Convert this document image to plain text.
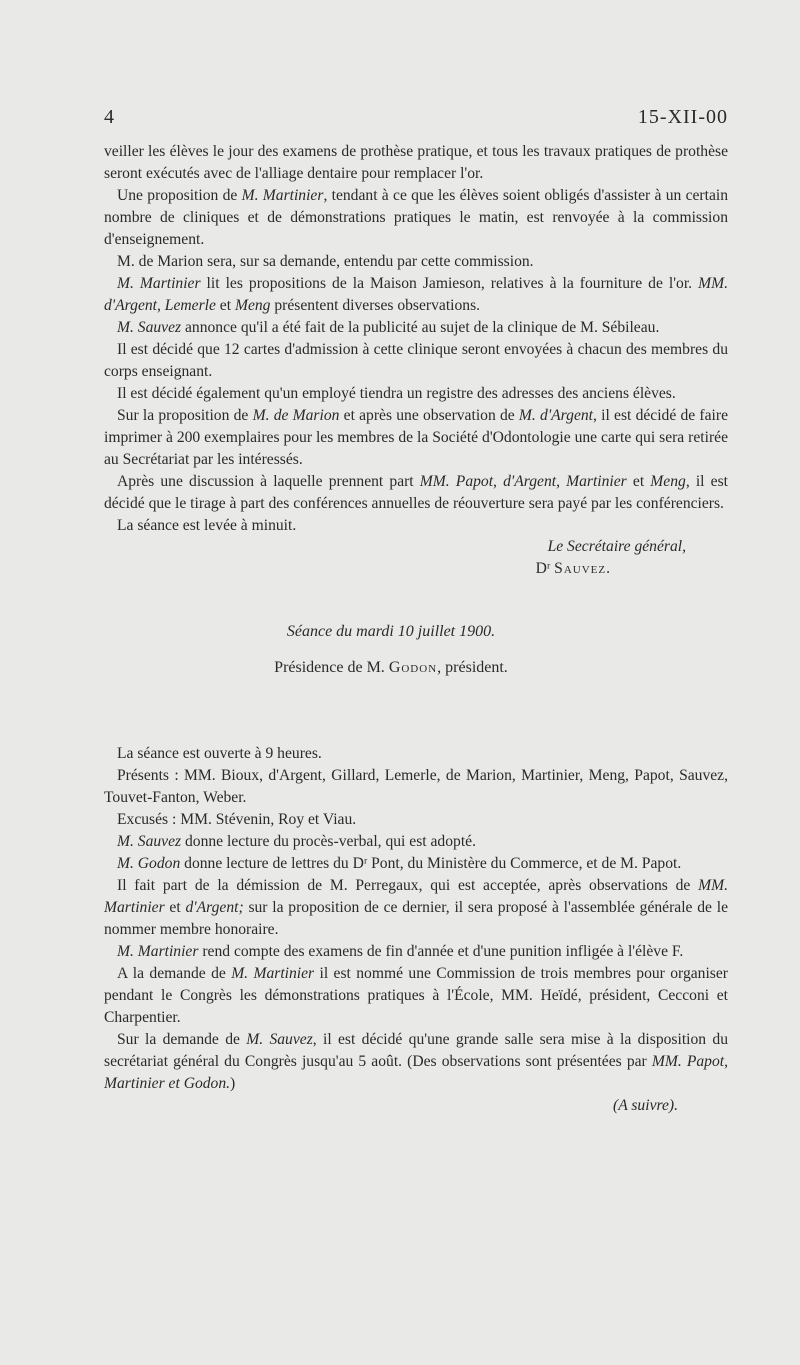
4	15-XII-00

veiller les élèves le jour des examens de prothèse pratique, et tous les travaux pratiques de prothèse seront exécutés avec de l'alliage dentaire pour remplacer l'or.

Une proposition de M. Martinier, tendant à ce que les élèves soient obligés d'assister à un certain nombre de cliniques et de démonstrations pratiques le matin, est renvoyée à la commission d'enseignement.

M. de Marion sera, sur sa demande, entendu par cette commission.

M. Martinier lit les propositions de la Maison Jamieson, relatives à la fourniture de l'or. MM. d'Argent, Lemerle et Meng présentent diverses observations.

M. Sauvez annonce qu'il a été fait de la publicité au sujet de la clinique de M. Sébileau.

Il est décidé que 12 cartes d'admission à cette clinique seront envoyées à chacun des membres du corps enseignant.

Il est décidé également qu'un employé tiendra un registre des adresses des anciens élèves.

Sur la proposition de M. de Marion et après une observation de M. d'Argent, il est décidé de faire imprimer à 200 exemplaires pour les membres de la Société d'Odontologie une carte qui sera retirée au Secrétariat par les intéressés.

Après une discussion à laquelle prennent part MM. Papot, d'Argent, Martinier et Meng, il est décidé que le tirage à part des conférences annuelles de réouverture sera payé par les conférenciers.

La séance est levée à minuit.

Le Secrétaire général,
Dʳ Sauvez.
Séance du mardi 10 juillet 1900.
Présidence de M. Godon, président.

La séance est ouverte à 9 heures.

Présents : MM. Bioux, d'Argent, Gillard, Lemerle, de Marion, Martinier, Meng, Papot, Sauvez, Touvet-Fanton, Weber.

Excusés : MM. Stévenin, Roy et Viau.

M. Sauvez donne lecture du procès-verbal, qui est adopté.

M. Godon donne lecture de lettres du Dʳ Pont, du Ministère du Commerce, et de M. Papot.

Il fait part de la démission de M. Perregaux, qui est acceptée, après observations de MM. Martinier et d'Argent; sur la proposition de ce dernier, il sera proposé à l'assemblée générale de le nommer membre honoraire.

M. Martinier rend compte des examens de fin d'année et d'une punition infligée à l'élève F.

A la demande de M. Martinier il est nommé une Commission de trois membres pour organiser pendant le Congrès les démonstrations pratiques à l'École, MM. Heïdé, président, Cecconi et Charpentier.

Sur la demande de M. Sauvez, il est décidé qu'une grande salle sera mise à la disposition du secrétariat général du Congrès jusqu'au 5 août. (Des observations sont présentées par MM. Papot, Martinier et Godon.)

(A suivre).
